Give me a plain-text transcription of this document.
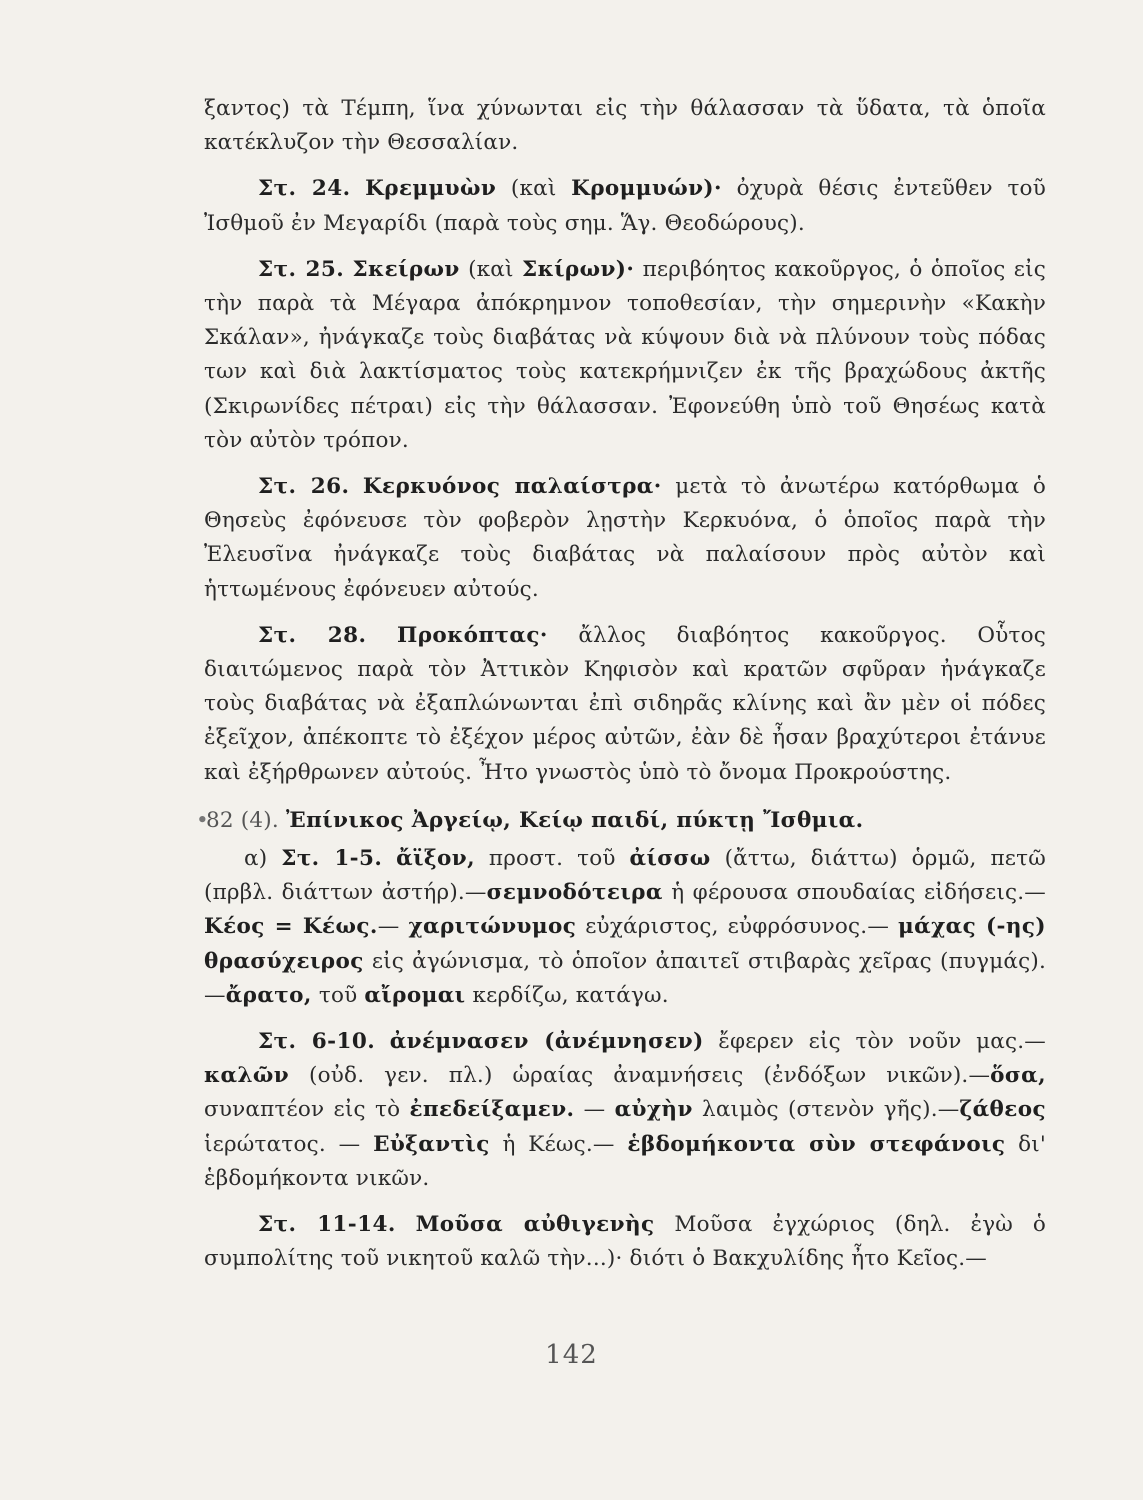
ξαντος) τὰ Τέμπη, ἵνα χύνωνται εἰς τὴν θάλασσαν τὰ ὕδατα, τὰ ὁποῖα κατέκλυζον τὴν Θεσσαλίαν.

Στ. 24. Κρεμμυὼν (καὶ Κρομμυών)· ὀχυρὰ θέσις ἐντεῦθεν τοῦ Ἰσθμοῦ ἐν Μεγαρίδι (παρὰ τοὺς σημ. Ἅγ. Θεοδώρους).

Στ. 25. Σκείρων (καὶ Σκίρων)· περιβόητος κακοῦργος, ὁ ὁποῖος εἰς τὴν παρὰ τὰ Μέγαρα ἀπόκρημνον τοποθεσίαν, τὴν σημερινὴν «Κακὴν Σκάλαν», ἠνάγκαζε τοὺς διαβάτας νὰ κύψουν διὰ νὰ πλύνουν τοὺς πόδας των καὶ διὰ λακτίσματος τοὺς κατεκρήμνιζεν ἐκ τῆς βραχώδους ἀκτῆς (Σκιρωνίδες πέτραι) εἰς τὴν θάλασσαν. Ἐφονεύθη ὑπὸ τοῦ Θησέως κατὰ τὸν αὐτὸν τρόπον.

Στ. 26. Κερκυόνος παλαίστρα· μετὰ τὸ ἀνωτέρω κατόρθωμα ὁ Θησεὺς ἐφόνευσε τὸν φοβερὸν λῃστὴν Κερκυόνα, ὁ ὁποῖος παρὰ τὴν Ἐλευσῖνα ἠνάγκαζε τοὺς διαβάτας νὰ παλαίσουν πρὸς αὐτὸν καὶ ἡττωμένους ἐφόνευεν αὐτούς.

Στ. 28. Προκόπτας· ἄλλος διαβόητος κακοῦργος. Οὗτος διαιτώμενος παρὰ τὸν Ἀττικὸν Κηφισὸν καὶ κρατῶν σφῦραν ἠνάγκαζε τοὺς διαβάτας νὰ ἐξαπλώνωνται ἐπὶ σιδηρᾶς κλίνης καὶ ἂν μὲν οἱ πόδες ἐξεῖχον, ἀπέκοπτε τὸ ἐξέχον μέρος αὐτῶν, ἐὰν δὲ ἦσαν βραχύτεροι ἐτάνυε καὶ ἐξήρθρωνεν αὐτούς. Ἦτο γνωστὸς ὑπὸ τὸ ὄνομα Προκρούστης.

•
82 (4). Ἐπίνικος Ἀργείῳ, Κείῳ παιδί, πύκτῃ Ἴσθμια.

α) Στ. 1-5. ἄϊξον, προστ. τοῦ ἀίσσω (ἄττω, διάττω) ὁρμῶ, πετῶ (πρβλ. διάττων ἀστήρ).—σεμνοδότειρα ἡ φέρουσα σπουδαίας εἰδήσεις.—Κέος = Κέως.— χαριτώνυμος εὐχάριστος, εὐφρόσυνος.— μάχας (-ης) θρασύχειρος εἰς ἀγώνισμα, τὸ ὁποῖον ἀπαιτεῖ στιβαρὰς χεῖρας (πυγμάς).—ἄρατο, τοῦ αἴρομαι κερδίζω, κατάγω.

Στ. 6-10. ἀνέμνασεν (ἀνέμνησεν) ἔφερεν εἰς τὸν νοῦν μας.— καλῶν (οὐδ. γεν. πλ.) ὡραίας ἀναμνήσεις (ἐνδόξων νικῶν).—ὅσα, συναπτέον εἰς τὸ ἐπεδείξαμεν. — αὐχὴν λαιμὸς (στενὸν γῆς).—ζάθεος ἱερώτατος. — Εὐξαντὶς ἡ Κέως.— ἑβδομήκοντα σὺν στεφάνοις δι' ἑβδομήκοντα νικῶν.

Στ. 11-14. Μοῦσα αὐθιγενὴς Μοῦσα ἐγχώριος (δηλ. ἐγὼ ὁ συμπολίτης τοῦ νικητοῦ καλῶ τὴν...)· διότι ὁ Βακχυλίδης ἦτο Κεῖος.—

142
